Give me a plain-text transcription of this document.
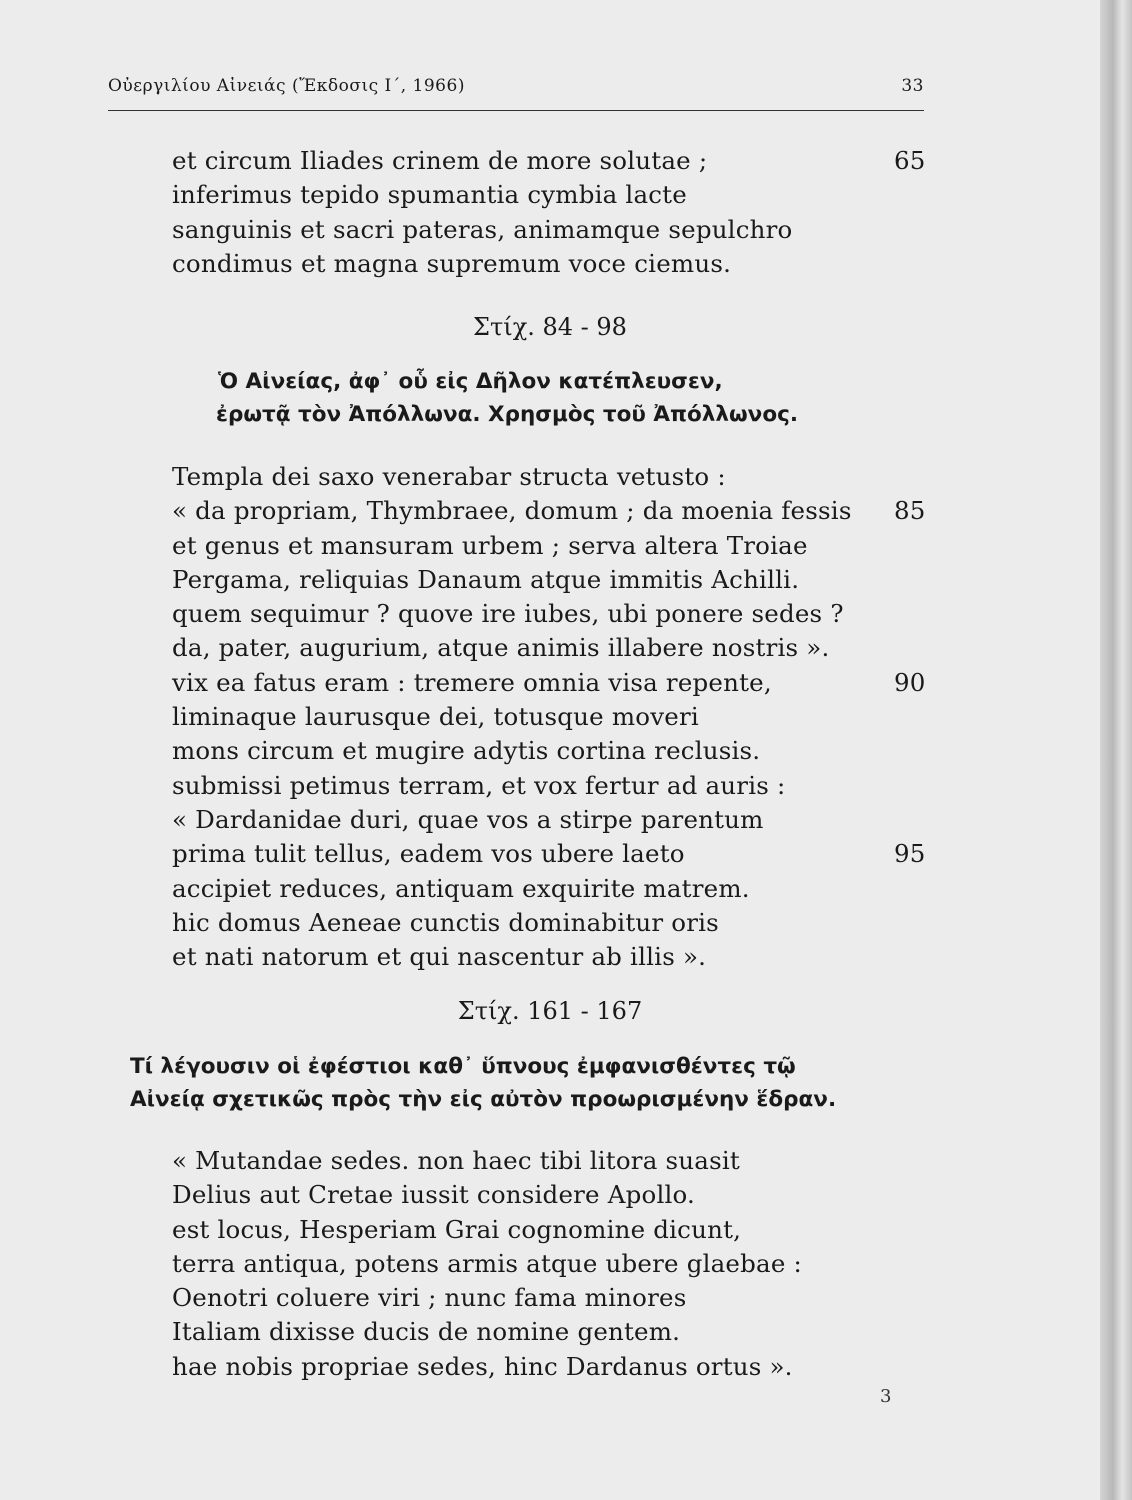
Οὐεργιλίου Αἰνειάς (Ἔκδοσις Ι΄, 1966)	33
et circum Iliades crinem de more solutae ;	65
inferimus tepido spumantia cymbia lacte
sanguinis et sacri pateras, animamque sepulchro
condimus et magna supremum voce ciemus.
Στίχ. 84 - 98
Ὁ Αἰνείας, ἀφ᾽ οὗ εἰς Δῆλον κατέπλευσεν,
ἐρωτᾷ τὸν Ἀπόλλωνα. Χρησμὸς τοῦ Ἀπόλλωνος.
Templa dei saxo venerabar structa vetusto :
« da propriam, Thymbraee, domum ; da moenia fessis 85
et genus et mansuram urbem ; serva altera Troiae
Pergama, reliquias Danaum atque immitis Achilli.
quem sequimur ? quove ire iubes, ubi ponere sedes ?
da, pater, augurium, atque animis illabere nostris ».
vix ea fatus eram : tremere omnia visa repente,	90
liminaque laurusque dei, totusque moveri
mons circum et mugire adytis cortina reclusis.
submissi petimus terram, et vox fertur ad auris :
« Dardanidae duri, quae vos a stirpe parentum
prima tulit tellus, eadem vos ubere laeto	95
accipiet reduces, antiquam exquirite matrem.
hic domus Aeneae cunctis dominabitur oris
et nati natorum et qui nascentur ab illis ».
Στίχ. 161 - 167
Τί λέγουσιν οἱ ἐφέστιοι καθ᾽ ὕπνους ἐμφανισθέντες τῷ
Αἰνείᾳ σχετικῶς πρὸς τὴν εἰς αὐτὸν προωρισμένην ἕδραν.
« Mutandae sedes. non haec tibi litora suasit
Delius aut Cretae iussit considere Apollo.
est locus, Hesperiam Grai cognomine dicunt,
terra antiqua, potens armis atque ubere glaebae :
Oenotri coluere viri ; nunc fama minores
Italiam dixisse ducis de nomine gentem.
hae nobis propriae sedes, hinc Dardanus ortus ».
3
